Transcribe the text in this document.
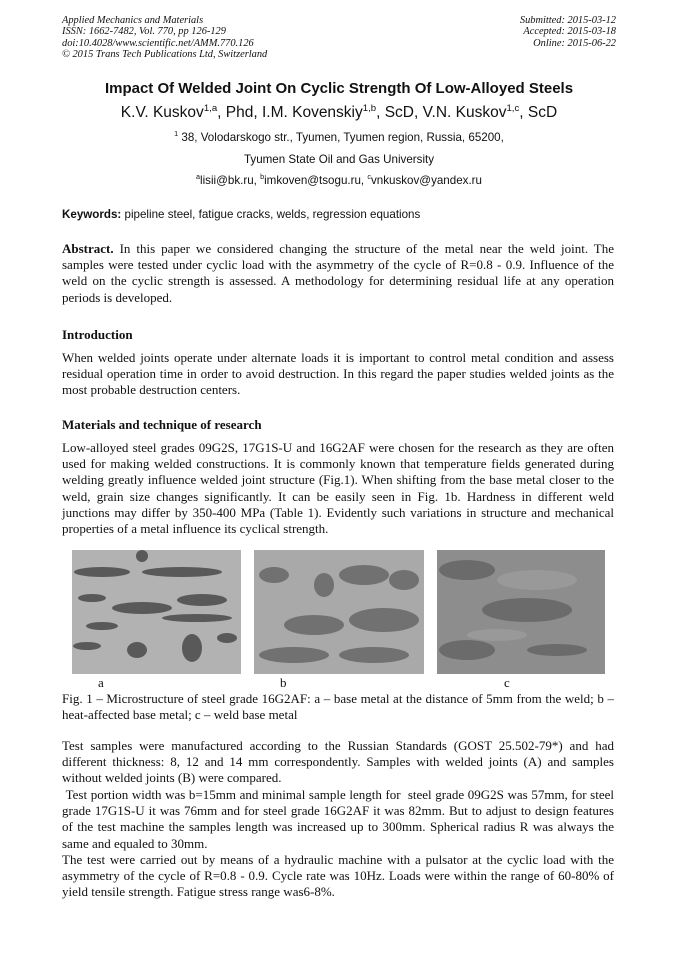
Applied Mechanics and Materials
ISSN: 1662-7482, Vol. 770, pp 126-129
doi:10.4028/www.scientific.net/AMM.770.126
© 2015 Trans Tech Publications Ltd, Switzerland
Submitted: 2015-03-12
Accepted: 2015-03-18
Online: 2015-06-22
Impact Of Welded Joint On Cyclic Strength Of Low-Alloyed Steels
K.V. Kuskov$^{1,a}$, Phd, I.M. Kovenskiy$^{1,b}$, ScD, V.N. Kuskov$^{1,c}$, ScD
$^1$ 38, Volodarskogo str., Tyumen, Tyumen region, Russia, 65200,
Tyumen State Oil and Gas University
$^a$lisii@bk.ru, $^b$imkoven@tsogu.ru, $^c$vnkuskov@yandex.ru
Keywords: pipeline steel, fatigue cracks, welds, regression equations
Abstract. In this paper we considered changing the structure of the metal near the weld joint. The samples were tested under cyclic load with the asymmetry of the cycle of R=0.8 - 0.9. Influence of the weld on the cyclic strength is assessed. A methodology for determining residual life at any operation periods is developed.
Introduction
When welded joints operate under alternate loads it is important to control metal condition and assess residual operation time in order to avoid destruction. In this regard the paper studies welded joints as the most probable destruction centers.
Materials and technique of research
Low-alloyed steel grades 09G2S, 17G1S-U and 16G2AF were chosen for the research as they are often used for making welded constructions. It is commonly known that temperature fields generated during welding greatly influence welded joint structure (Fig.1). When shifting from the base metal closer to the weld, grain size changes significantly. It can be easily seen in Fig. 1b. Hardness in different weld junctions may differ by 350-400 MPa (Table 1). Evidently such variations in structure and mechanical properties of a metal influence its cyclical strength.
a	b	c
Fig. 1 – Microstructure of steel grade 16G2AF: a – base metal at the distance of 5mm from the weld; b – heat-affected base metal; c – weld base metal
Test samples were manufactured according to the Russian Standards (GOST 25.502-79*) and had different thickness: 8, 12 and 14 mm correspondently. Samples with welded joints (A) and samples without welded joints (B) were compared.
Test portion width was b=15mm and minimal sample length for  steel grade 09G2S was 57mm, for steel grade 17G1S-U it was 76mm and for steel grade 16G2AF it was 82mm. But to adjust to design features of the test machine the samples length was increased up to 300mm. Spherical radius R was always the same and equaled to 30mm.
The test were carried out by means of a hydraulic machine with a pulsator at the cyclic load with the asymmetry of the cycle of R=0.8 - 0.9. Cycle rate was 10Hz. Loads were within the range of 60-80% of yield tensile strength. Fatigue stress range was6-8%.
